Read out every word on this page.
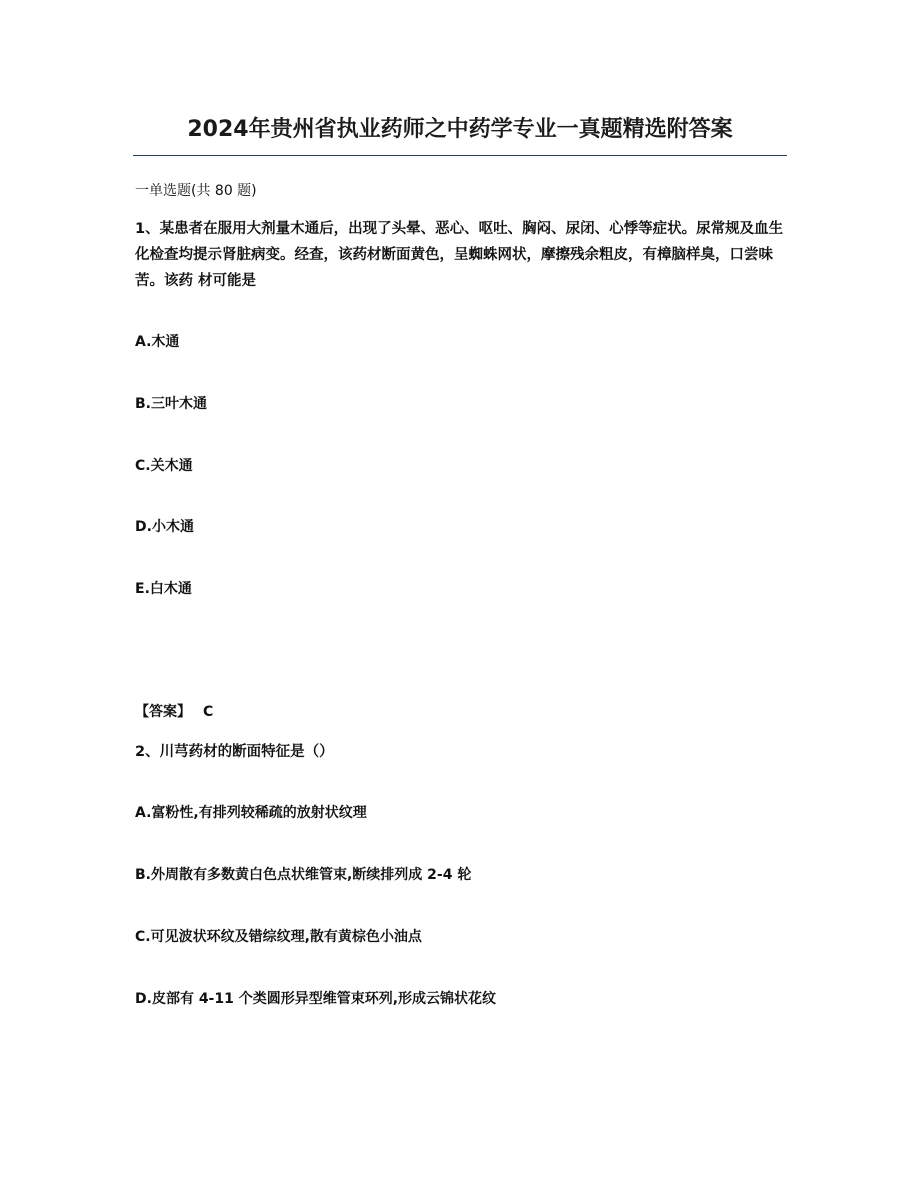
2024年贵州省执业药师之中药学专业一真题精选附答案
一单选题(共 80 题)
1、某患者在服用大剂量木通后，出现了头晕、恶心、呕吐、胸闷、尿闭、心悸等症状。尿常规及血生化检查均提示肾脏病变。经查，该药材断面黄色，呈蜘蛛网状，摩擦残余粗皮，有樟脑样臭，口尝味苦。该药 材可能是
A.木通
B.三叶木通
C.关木通
D.小木通
E.白木通
【答案】 C
2、川芎药材的断面特征是（）
A.富粉性,有排列较稀疏的放射状纹理
B.外周散有多数黄白色点状维管束,断续排列成 2-4 轮
C.可见波状环纹及错综纹理,散有黄棕色小油点
D.皮部有 4-11 个类圆形异型维管束环列,形成云锦状花纹
